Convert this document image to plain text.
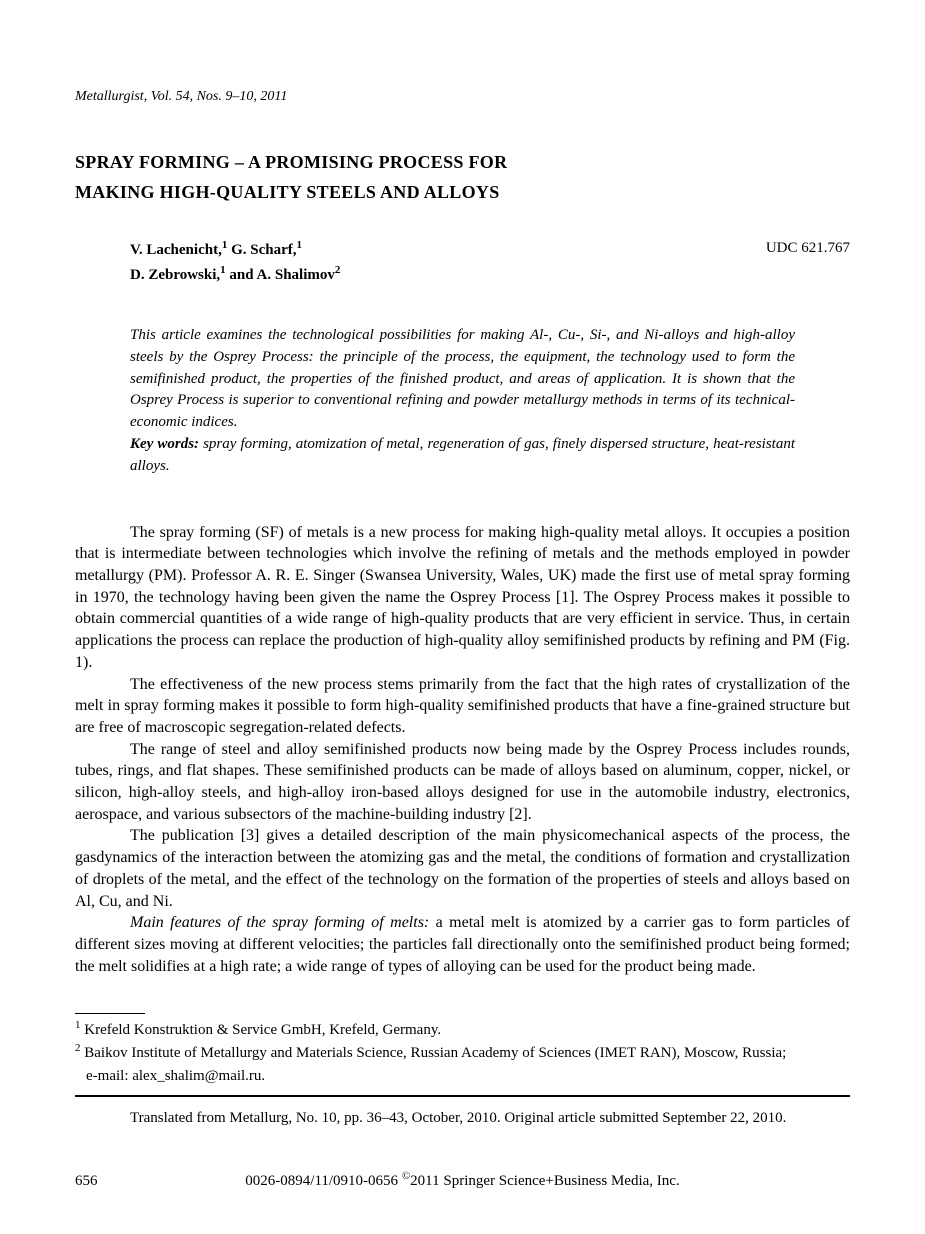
Metallurgist, Vol. 54, Nos. 9–10, 2011
SPRAY FORMING – A PROMISING PROCESS FOR
MAKING HIGH-QUALITY STEELS AND ALLOYS
V. Lachenicht,$^1$ G. Scharf,$^1$
D. Zebrowski,$^1$ and A. Shalimov$^2$
UDC 621.767
This article examines the technological possibilities for making Al-, Cu-, Si-, and Ni-alloys and high-alloy steels by the Osprey Process: the principle of the process, the equipment, the technology used to form the semifinished product, the properties of the finished product, and areas of application. It is shown that the Osprey Process is superior to conventional refining and powder metallurgy methods in terms of its technical-economic indices.
Key words: spray forming, atomization of metal, regeneration of gas, finely dispersed structure, heat-resistant alloys.

The spray forming (SF) of metals is a new process for making high-quality metal alloys. It occupies a position that is intermediate between technologies which involve the refining of metals and the methods employed in powder metallurgy (PM). Professor A. R. E. Singer (Swansea University, Wales, UK) made the first use of metal spray forming in 1970, the technology having been given the name the Osprey Process [1]. The Osprey Process makes it possible to obtain commercial quantities of a wide range of high-quality products that are very efficient in service. Thus, in certain applications the process can replace the production of high-quality alloy semifinished products by refining and PM (Fig. 1).

The effectiveness of the new process stems primarily from the fact that the high rates of crystallization of the melt in spray forming makes it possible to form high-quality semifinished products that have a fine-grained structure but are free of macroscopic segregation-related defects.

The range of steel and alloy semifinished products now being made by the Osprey Process includes rounds, tubes, rings, and flat shapes. These semifinished products can be made of alloys based on aluminum, copper, nickel, or silicon, high-alloy steels, and high-alloy iron-based alloys designed for use in the automobile industry, electronics, aerospace, and various subsectors of the machine-building industry [2].

The publication [3] gives a detailed description of the main physicomechanical aspects of the process, the gasdynamics of the interaction between the atomizing gas and the metal, the conditions of formation and crystallization of droplets of the metal, and the effect of the technology on the formation of the properties of steels and alloys based on Al, Cu, and Ni.

Main features of the spray forming of melts: a metal melt is atomized by a carrier gas to form particles of different sizes moving at different velocities; the particles fall directionally onto the semifinished product being formed; the melt solidifies at a high rate; a wide range of types of alloying can be used for the product being made.

$^1$ Krefeld Konstruktion & Service GmbH, Krefeld, Germany.
$^2$ Baikov Institute of Metallurgy and Materials Science, Russian Academy of Sciences (IMET RAN), Moscow, Russia;
e-mail: alex_shalim@mail.ru.
Translated from Metallurg, No. 10, pp. 36–43, October, 2010. Original article submitted September 22, 2010.
656	0026-0894/11/0910-0656 ©2011 Springer Science+Business Media, Inc.
